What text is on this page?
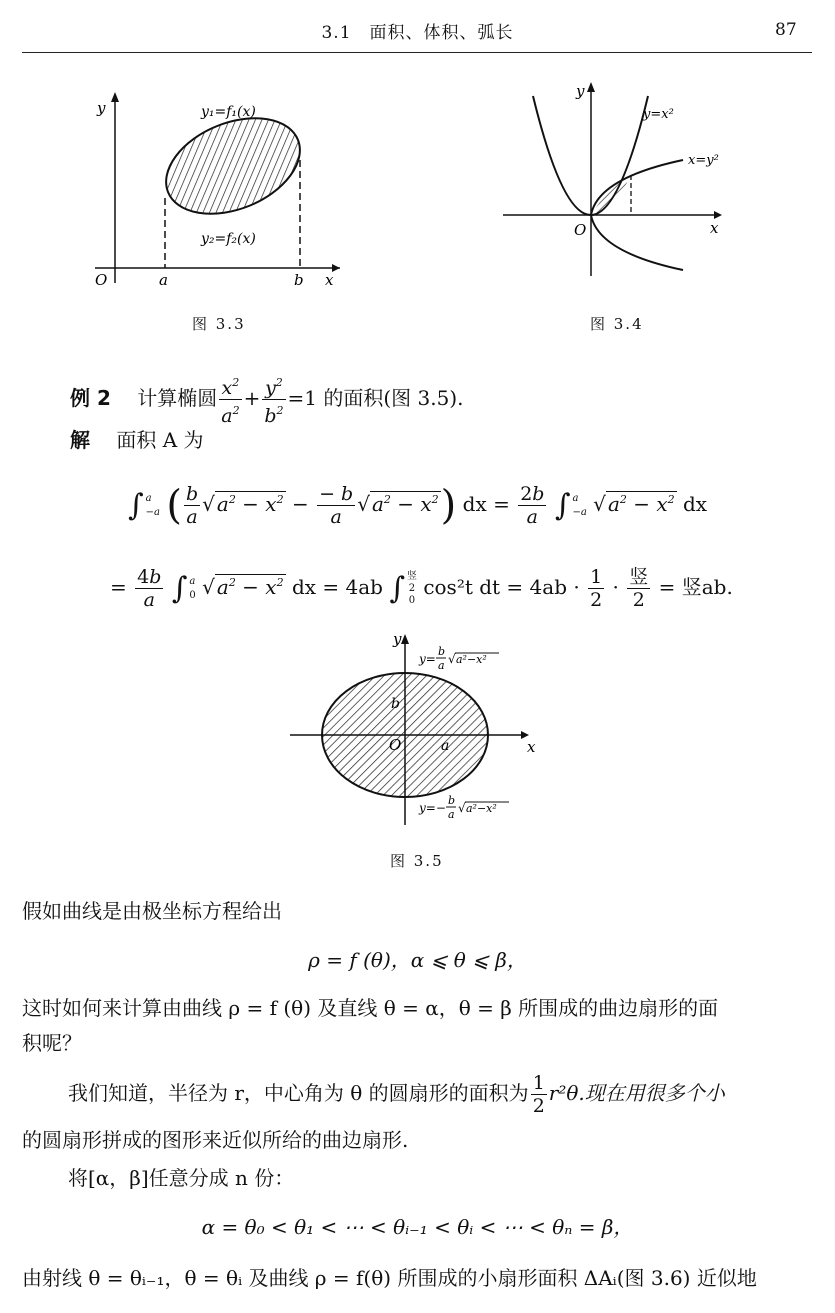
3.1　面积、体积、弧长	87
y
x
O	a	b
y₁=f₁(x)
y₂=f₂(x)
图 3.3
y
x
O
y=x²
x=y²
图 3.4
例 2　 计算椭圆 $\frac{x^2}{a^2} + \frac{y^2}{b^2} =1$ 的面积(图 3.5).
解　 面积 A 为
∫ a
−a ( $\frac{b}{a}$ √ $a^2 - x^2 - \frac{- b}{a}$ √ $a^2 - x^2$) dx = $\frac{2b}{a}$ ∫ a
−a √ $a^2 - x^2$ dx
= $\frac{4b}{a}$ ∫ a
0 √ $a^2 - x^2$ dx = 4ab ∫ 竖
2
0 cos²t dt = $4ab \cdot \frac{1}{2} \cdot \frac{\text{竖}}{2}$ = 竖ab.
y
x
O	a
b
y=
b
a √ a²−x²
y=−
b
a √ a²−x²
图 3.5
假如曲线是由极坐标方程给出
ρ = f (θ)，α ⩽ θ ⩽ β，
这时如何来计算由曲线 ρ = f (θ) 及直线 θ = α，θ = β 所围成的曲边扇形的面
积呢？
我们知道，半径为 r，中心角为 θ 的圆扇形的面积为 $\frac{1}{2} r^2\theta$.现在用很多个小
的圆扇形拼成的图形来近似所给的曲边扇形.
将[α，β]任意分成 n 份：
α = θ₀ < θ₁ < ⋯ < θᵢ₋₁ < θᵢ < ⋯ < θₙ = β，
由射线 θ = θᵢ₋₁，θ = θᵢ 及曲线 ρ = f(θ) 所围成的小扇形面积 ΔAᵢ(图 3.6) 近似地
